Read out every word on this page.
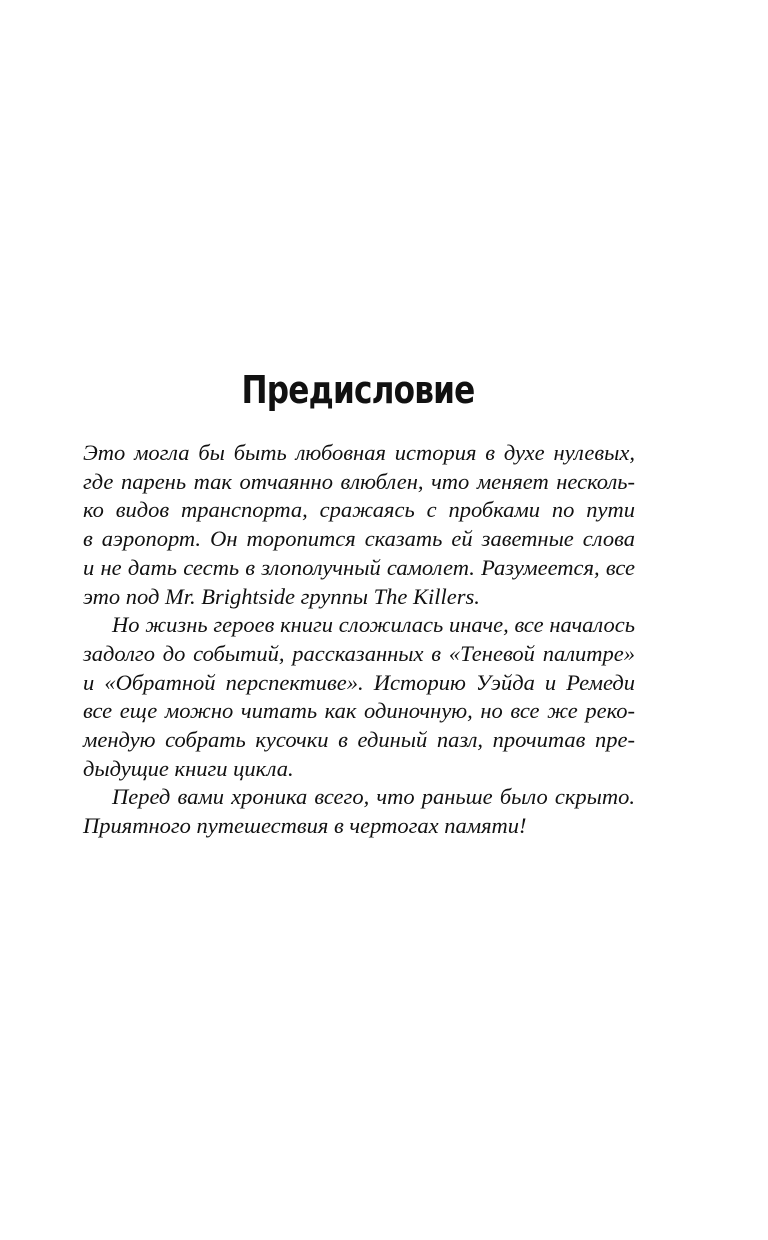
Предисловие

Это могла бы быть любовная история в духе нулевых,
где парень так отчаянно влюблен, что меняет несколь-
ко видов транспорта, сражаясь с пробками по пути
в аэропорт. Он торопится сказать ей заветные слова
и не дать сесть в злополучный самолет. Разумеется, все
это под Mr. Brightside группы The Killers.

Но жизнь героев книги сложилась иначе, все началось
задолго до событий, рассказанных в «Теневой палитре»
и «Обратной перспективе». Историю Уэйда и Ремеди
все еще можно читать как одиночную, но все же реко-
мендую собрать кусочки в единый пазл, прочитав пре-
дыдущие книги цикла.

Перед вами хроника всего, что раньше было скрыто.
Приятного путешествия в чертогах памяти!
